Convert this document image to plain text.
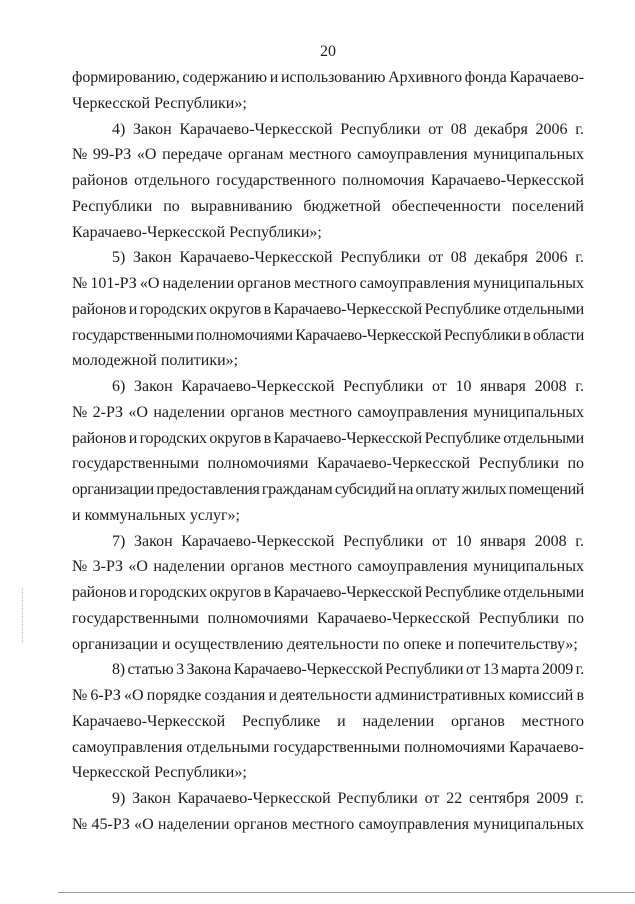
20
формированию, содержанию и использованию Архивного фонда Карачаево-
Черкесской Республики»;
4) Закон Карачаево-Черкесской Республики от 08 декабря 2006 г.
№ 99-РЗ «О передаче органам местного самоуправления муниципальных
районов отдельного государственного полномочия Карачаево-Черкесской
Республики по выравниванию бюджетной обеспеченности поселений
Карачаево-Черкесской Республики»;
5) Закон Карачаево-Черкесской Республики от 08 декабря 2006 г.
№ 101-РЗ «О наделении органов местного самоуправления муниципальных
районов и городских округов в Карачаево-Черкесской Республике отдельными
государственными полномочиями Карачаево-Черкесской Республики в области
молодежной политики»;
6) Закон Карачаево-Черкесской Республики от 10 января 2008 г.
№ 2-РЗ «О наделении органов местного самоуправления муниципальных
районов и городских округов в Карачаево-Черкесской Республике отдельными
государственными полномочиями Карачаево-Черкесской Республики по
организации предоставления гражданам субсидий на оплату жилых помещений
и коммунальных услуг»;
7) Закон Карачаево-Черкесской Республики от 10 января 2008 г.
№ 3-РЗ «О наделении органов местного самоуправления муниципальных
районов и городских округов в Карачаево-Черкесской Республике отдельными
государственными полномочиями Карачаево-Черкесской Республики по
организации и осуществлению деятельности по опеке и попечительству»;
8) статью 3 Закона Карачаево-Черкесской Республики от 13 марта 2009 г.
№ 6-РЗ «О порядке создания и деятельности административных комиссий в
Карачаево-Черкесской Республике и наделении органов местного
самоуправления отдельными государственными полномочиями Карачаево-
Черкесской Республики»;
9) Закон Карачаево-Черкесской Республики от 22 сентября 2009 г.
№ 45-РЗ «О наделении органов местного самоуправления муниципальных
